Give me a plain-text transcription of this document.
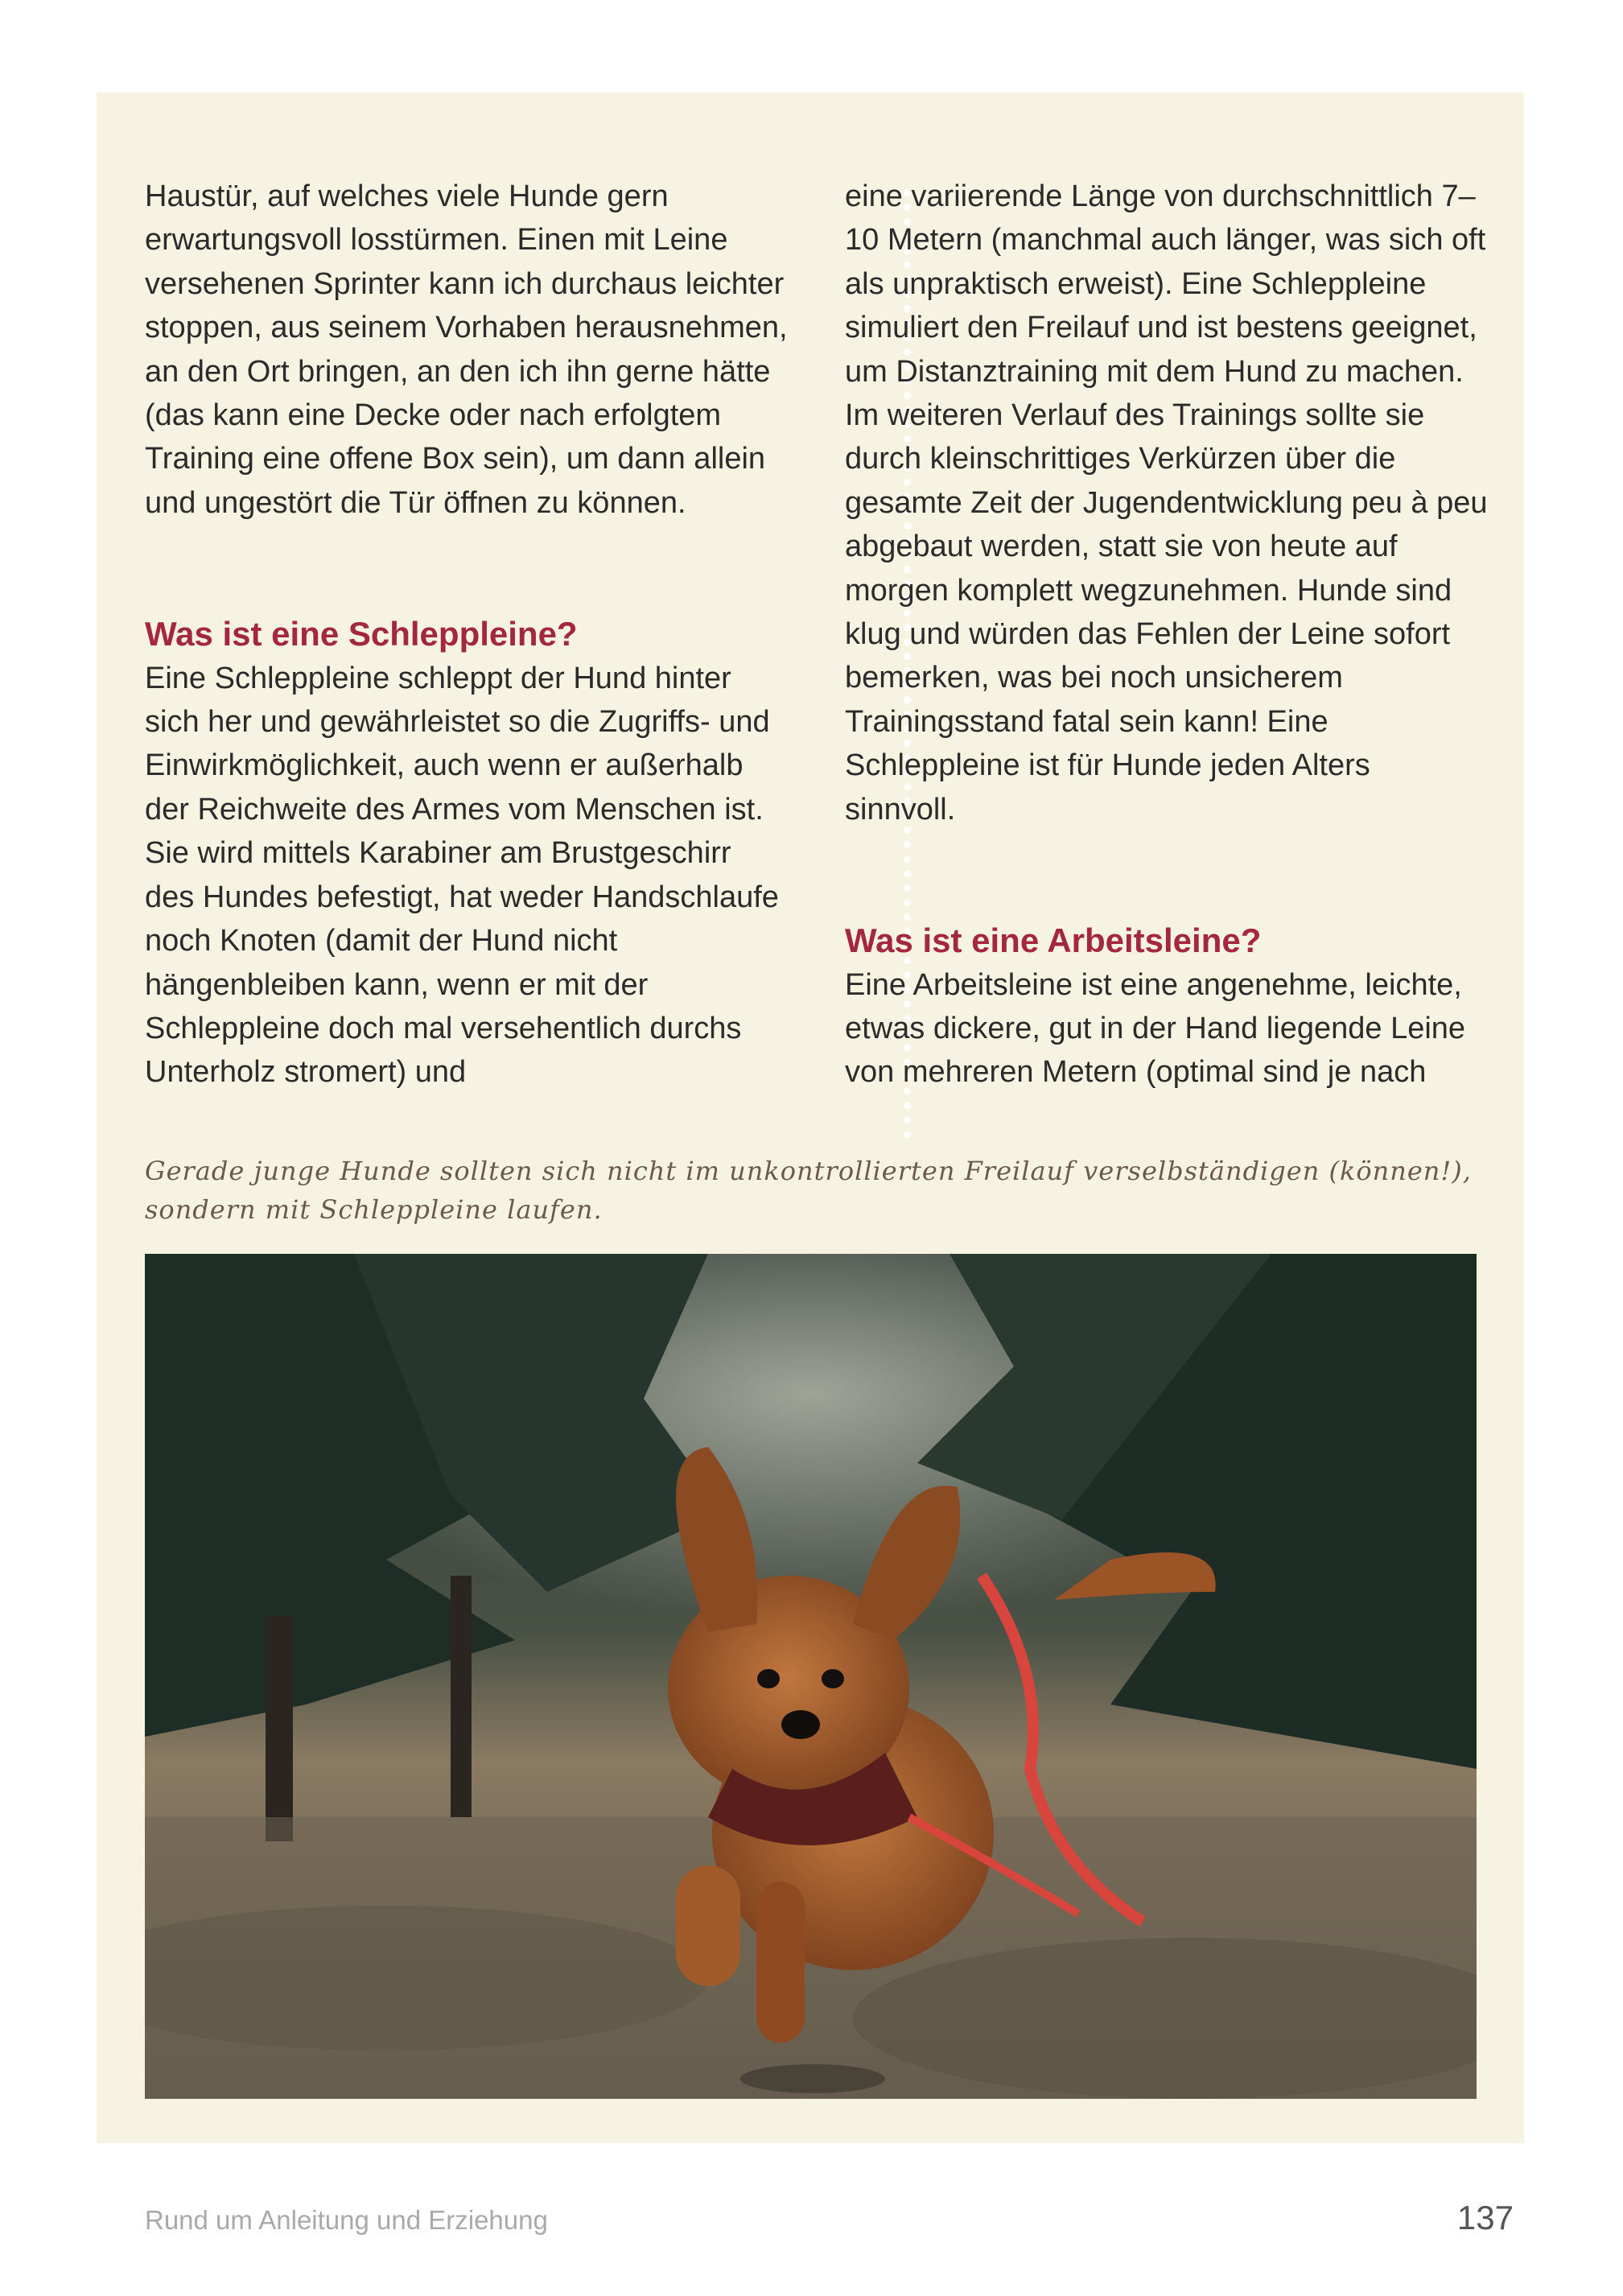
Haustür, auf welches viele Hunde gern erwartungsvoll losstürmen. Einen mit Leine versehenen Sprinter kann ich durchaus leichter stoppen, aus seinem Vorhaben herausnehmen, an den Ort bringen, an den ich ihn gerne hätte (das kann eine Decke oder nach erfolgtem Training eine offene Box sein), um dann allein und ungestört die Tür öffnen zu können.

Was ist eine Schleppleine?

Eine Schleppleine schleppt der Hund hinter sich her und gewährleistet so die Zugriffs- und Einwirkmöglichkeit, auch wenn er außerhalb der Reichweite des Armes vom Menschen ist. Sie wird mittels Karabiner am Brustgeschirr des Hundes befestigt, hat weder Handschlaufe noch Knoten (damit der Hund nicht hängenbleiben kann, wenn er mit der Schleppleine doch mal versehentlich durchs Unterholz stromert) und

eine variierende Länge von durchschnittlich 7–10 Metern (manchmal auch länger, was sich oft als unpraktisch erweist). Eine Schleppleine simuliert den Freilauf und ist bestens geeignet, um Distanztraining mit dem Hund zu machen. Im weiteren Verlauf des Trainings sollte sie durch kleinschrittiges Verkürzen über die gesamte Zeit der Jugendentwicklung peu à peu abgebaut werden, statt sie von heute auf morgen komplett wegzunehmen. Hunde sind klug und würden das Fehlen der Leine sofort bemerken, was bei noch unsicherem Trainingsstand fatal sein kann! Eine Schleppleine ist für Hunde jeden Alters sinnvoll.

Was ist eine Arbeitsleine?

Eine Arbeitsleine ist eine angenehme, leichte, etwas dickere, gut in der Hand liegende Leine von mehreren Metern (optimal sind je nach

Gerade junge Hunde sollten sich nicht im unkontrollierten Freilauf verselbständigen (können!), sondern mit Schleppleine laufen.
Rund um Anleitung und Erziehung	137
